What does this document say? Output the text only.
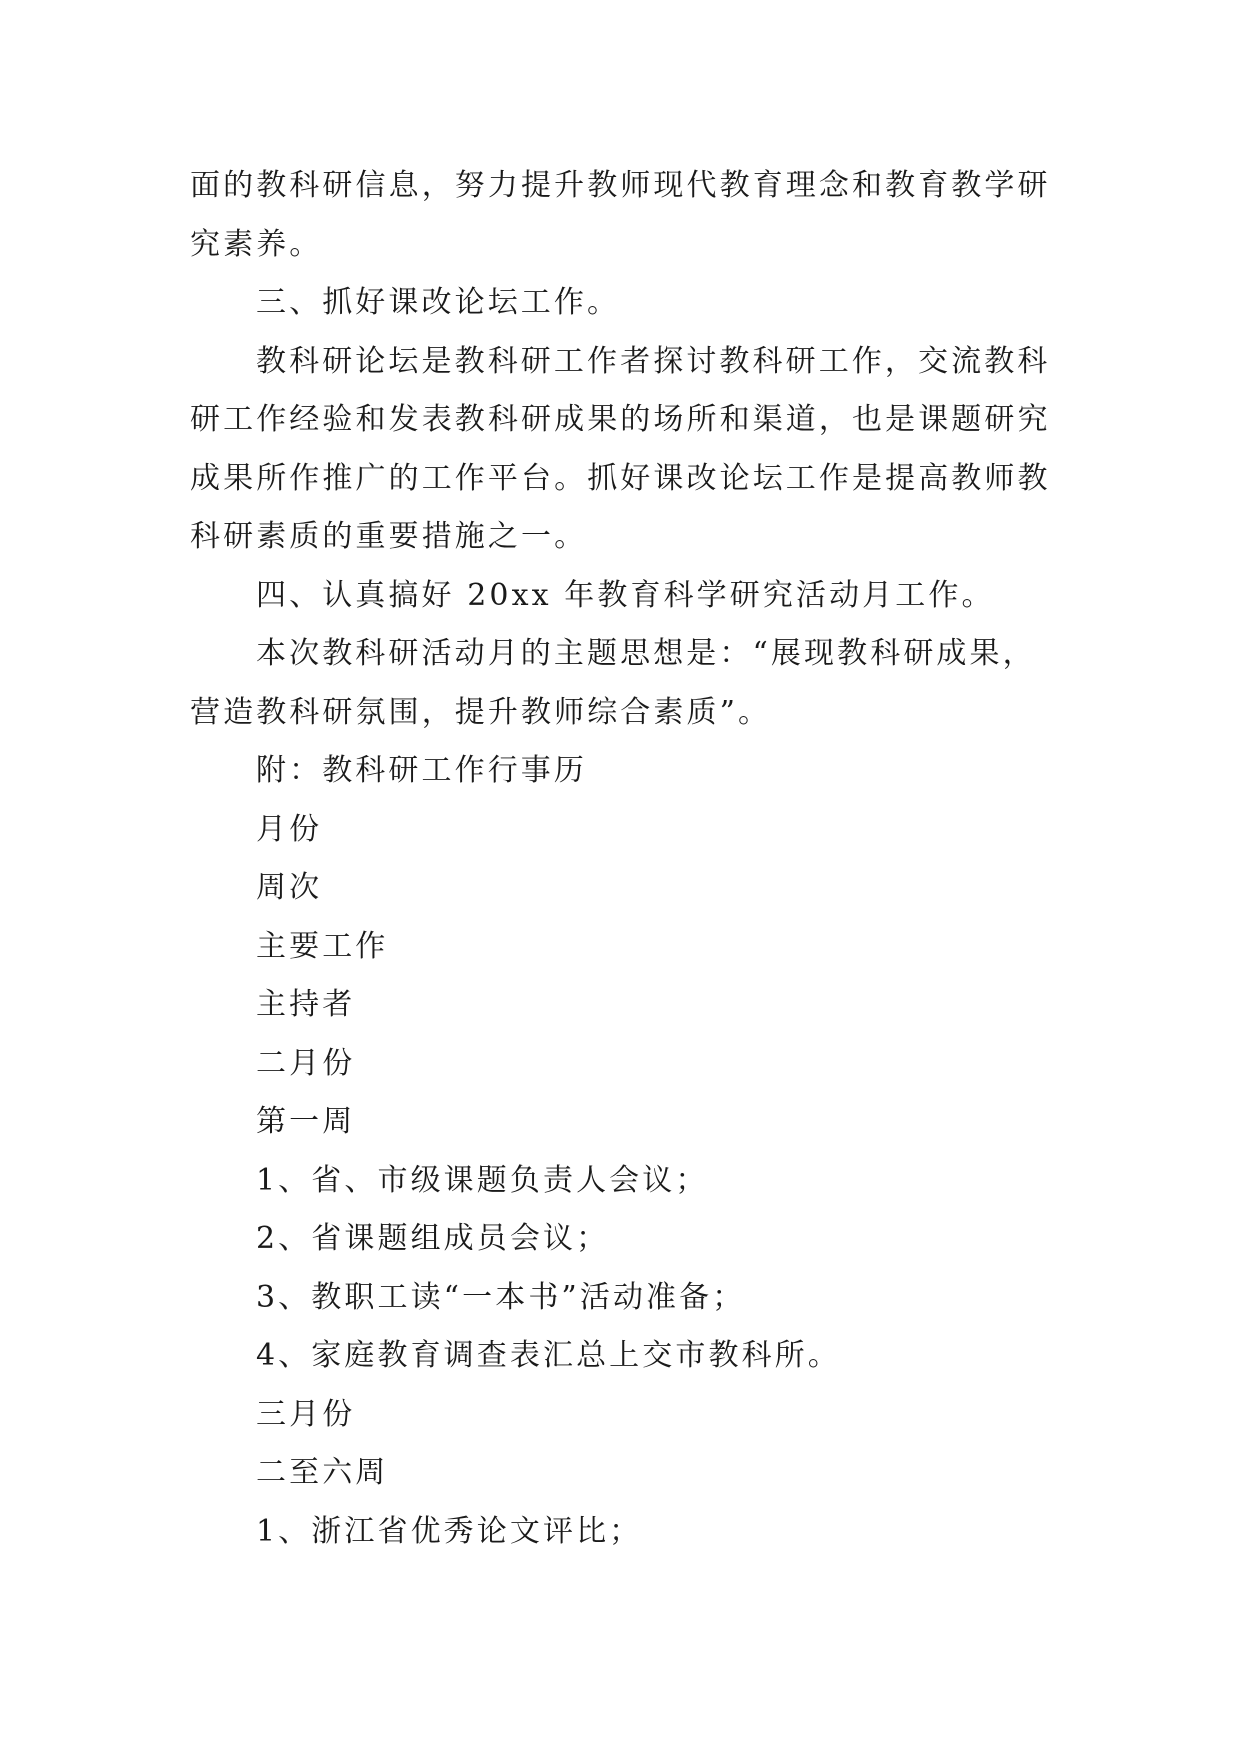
面的教科研信息，努力提升教师现代教育理念和教育教学研
究素养。
三、抓好课改论坛工作。
教科研论坛是教科研工作者探讨教科研工作，交流教科
研工作经验和发表教科研成果的场所和渠道，也是课题研究
成果所作推广的工作平台。抓好课改论坛工作是提高教师教
科研素质的重要措施之一。
四、认真搞好 20xx 年教育科学研究活动月工作。
本次教科研活动月的主题思想是：“展现教科研成果，
营造教科研氛围，提升教师综合素质”。
附：教科研工作行事历
月份
周次
主要工作
主持者
二月份
第一周
1、省、市级课题负责人会议；
2、省课题组成员会议；
3、教职工读“一本书”活动准备；
4、家庭教育调查表汇总上交市教科所。
三月份
二至六周
1、浙江省优秀论文评比；
